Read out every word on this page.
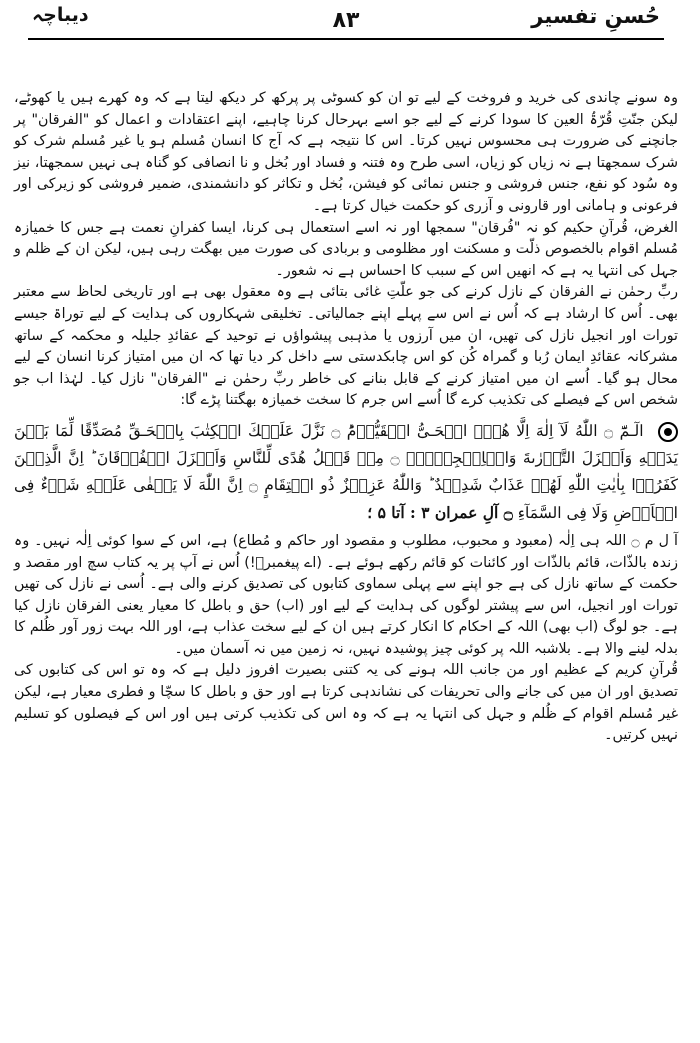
حُسنِ تفسیر
۸۳
دیباچہ

وہ سونے چاندی کی خرید و فروخت کے لیے تو ان کو کسوٹی پر پرکھ کر دیکھ لیتا ہے کہ وہ کھرے ہیں یا کھوٹے، لیکن جنّتِ قُرّۃُ العین کا سودا کرنے کے لیے جو اسے بہرحال کرنا چاہیے، اپنے اعتقادات و اعمال کو "الفرقان" پر جانچنے کی ضرورت ہی محسوس نہیں کرتا۔ اس کا نتیجہ ہے کہ آج کا انسان مُسلم ہو یا غیر مُسلم شرک کو شرک سمجھتا ہے نہ زیاں کو زیاں، اسی طرح وہ فتنہ و فساد اور بُخل و نا انصافی کو گناہ ہی نہیں سمجھتا، نیز وہ سُود کو نفع، جنس فروشی و جنس نمائی کو فیشن، بُخل و تکاثر کو دانشمندی، ضمیر فروشی کو زیرکی اور فرعونی و ہامانی اور قارونی و آزری کو حکمت خیال کرتا ہے۔

الغرض، قُرآنِ حکیم کو نہ "فُرقان" سمجھا اور نہ اسے استعمال ہی کرنا، ایسا کفرانِ نعمت ہے جس کا خمیازہ مُسلم اقوام بالخصوص ذلّت و مسکنت اور مظلومی و بربادی کی صورت میں بھگت رہی ہیں، لیکن ان کے ظلم و جہل کی انتہا یہ ہے کہ انھیں اس کے سبب کا احساس ہے نہ شعور۔

ربِّ رحمٰن نے الفرقان کے نازل کرنے کی جو علّتِ غائی بتائی ہے وہ معقول بھی ہے اور تاریخی لحاظ سے معتبر بھی۔ اُس کا ارشاد ہے کہ اُس نے اس سے پہلے اپنے جمالیاتی۔ تخلیقی شہکاروں کی ہدایت کے لیے توراۃ جیسے تورات اور انجیل نازل کی تھیں، ان میں آرزوں یا مذہبی پیشواؤں نے توحید کے عقائدِ جلیلہ و محکمہ کے ساتھ مشرکانہ عقائدِ ایمان رُبا و گمراہ کُن کو اس چابکدستی سے داخل کر دیا تھا کہ ان میں امتیاز کرنا انسان کے لیے محال ہو گیا۔ اُسے ان میں امتیاز کرنے کے قابل بنانے کی خاطر ربِّ رحمٰن نے "الفرقان" نازل کیا۔ لہٰذا اب جو شخص اس کے فیصلے کی تکذیب کرے گا اُسے اس جرم کا سخت خمیازہ بھگتنا پڑے گا:

الٓـمّٓ ۝ اللّٰهُ لَآ اِلٰهَ اِلَّا هُوَۙ الۡحَـىُّ الۡقَيُّوۡمُؕ ۝ نَزَّلَ عَلَيۡكَ الۡكِتٰبَ بِالۡحَـقِّ مُصَدِّقًا لِّمَا بَيۡنَ يَدَيۡهِ وَاَنۡزَلَ التَّوۡرٰٮةَ وَالۡاِنۡجِيۡلَۙ ۝ مِنۡ قَبۡلُ هُدًى لِّلنَّاسِ وَاَنۡزَلَ الۡفُرۡقَانَ ؕ اِنَّ الَّذِيۡنَ كَفَرُوۡا بِاٰيٰتِ اللّٰهِ لَهُمۡ عَذَابٌ شَدِيۡدٌ ؕ وَاللّٰهُ عَزِيۡزٌ ذُو انۡتِقَامٍ ۝ اِنَّ اللّٰهَ لَا يَخۡفٰى عَلَيۡهِ شَىۡءٌ فِى الۡاَرۡضِ وَلَا فِى السَّمَآءِ ۝ آلِ عمران ۳ : آتا ۵ ؛

آ ل م ۝ اللہ ہی اِلٰہ (معبود و محبوب، مطلوب و مقصود اور حاکم و مُطاع) ہے، اس کے سوا کوئی اِلٰہ نہیں۔ وہ زندہ بالذّات، قائم بالذّات اور کائنات کو قائم رکھے ہوئے ہے۔ (اے پیغمبرؐ!) اُس نے آپ پر یہ کتاب سچ اور مقصد و حکمت کے ساتھ نازل کی ہے جو اپنے سے پہلی سماوی کتابوں کی تصدیق کرنے والی ہے۔ اُسی نے نازل کی تھیں تورات اور انجیل، اس سے پیشتر لوگوں کی ہدایت کے لیے اور (اب) حق و باطل کا معیار یعنی الفرقان نازل کیا ہے۔ جو لوگ (اب بھی) اللہ کے احکام کا انکار کرتے ہیں ان کے لیے سخت عذاب ہے، اور اللہ بہت زور آور ظُلم کا بدلہ لینے والا ہے۔ بلاشبہ اللہ پر کوئی چیز پوشیدہ نہیں، نہ زمین میں نہ آسمان میں۔

قُرآنِ کریم کے عظیم اور من جانب اللہ ہونے کی یہ کتنی بصیرت افروز دلیل ہے کہ وہ تو اس کی کتابوں کی تصدیق اور ان میں کی جانے والی تحریفات کی نشاندہی کرتا ہے اور حق و باطل کا سچّا و فطری معیار ہے، لیکن غیر مُسلم اقوام کے ظُلم و جہل کی انتہا یہ ہے کہ وہ اس کی تکذیب کرتی ہیں اور اس کے فیصلوں کو تسلیم نہیں کرتیں۔
